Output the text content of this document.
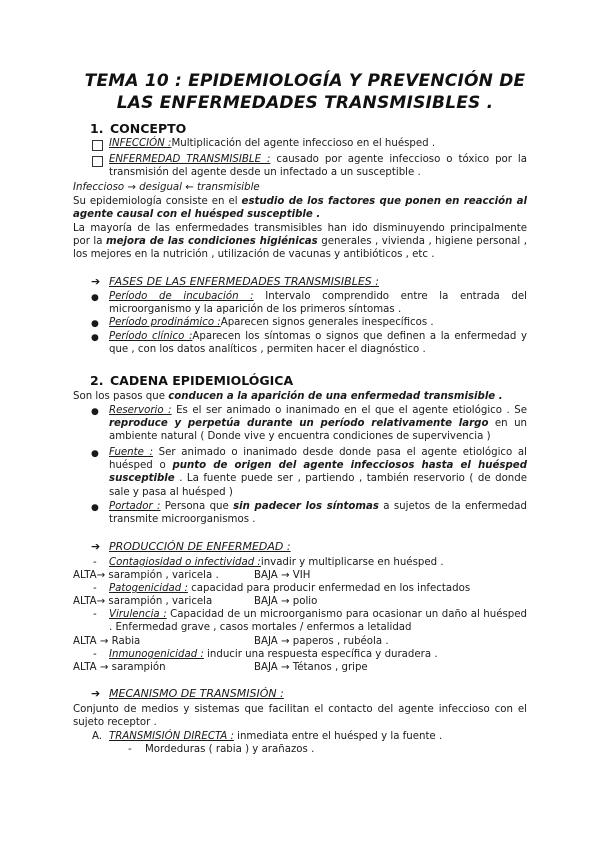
TEMA 10 : EPIDEMIOLOGÍA Y PREVENCIÓN DE LAS ENFERMEDADES TRANSMISIBLES .
1. CONCEPTO
INFECCIÓN :Multiplicación del agente infeccioso en el huésped .
ENFERMEDAD TRANSMISIBLE : causado por agente infeccioso o tóxico por la transmisión del agente desde un infectado a un susceptible .
Infeccioso → desigual ← transmisible
Su epidemiología consiste en el estudio de los factores que ponen en reacción al agente causal con el huésped susceptible .
La mayoría de las enfermedades transmisibles han ido disminuyendo principalmente por la mejora de las condiciones higiénicas generales , vivienda , higiene personal , los mejores en la nutrición , utilización de vacunas y antibióticos , etc .
➔ FASES DE LAS ENFERMEDADES TRANSMISIBLES :
● Período de incubación : Intervalo comprendido entre la entrada del microorganismo y la aparición de los primeros síntomas .
● Período prodinámico :Aparecen signos generales inespecíficos .
● Período clínico :Aparecen los síntomas o signos que definen a la enfermedad y que , con los datos analíticos , permiten hacer el diagnóstico .
2. CADENA EPIDEMIOLÓGICA
Son los pasos que conducen a la aparición de una enfermedad transmisible .
● Reservorio : Es el ser animado o inanimado en el que el agente etiológico . Se reproduce y perpetúa durante un período relativamente largo en un ambiente natural ( Donde vive y encuentra condiciones de supervivencia )
● Fuente : Ser animado o inanimado desde donde pasa el agente etiológico al huésped o punto de origen del agente infecciosos hasta el huésped susceptible . La fuente puede ser , partiendo , también reservorio ( de donde sale y pasa al huésped )
● Portador : Persona que sin padecer los síntomas a sujetos de la enfermedad transmite microorganismos .
➔ PRODUCCIÓN DE ENFERMEDAD :
- Contagiosidad o infectividad :invadir y multiplicarse en huésped .
ALTA→ sarampión , varicela .	BAJA → VIH
- Patogenicidad : capacidad para producir enfermedad en los infectados
ALTA→ sarampión , varicela	BAJA → polio
- Virulencia : Capacidad de un microorganismo para ocasionar un daño al huésped . Enfermedad grave , casos mortales / enfermos a letalidad
ALTA → Rabia	BAJA → paperos , rubéola .
- Inmunogenicidad : inducir una respuesta específica y duradera .
ALTA → sarampión	BAJA → Tétanos , gripe
➔ MECANISMO DE TRANSMISIÓN :
Conjunto de medios y sistemas que facilitan el contacto del agente infeccioso con el sujeto receptor .
A. TRANSMISIÓN DIRECTA : inmediata entre el huésped y la fuente .
- Mordeduras ( rabia ) y arañazos .
